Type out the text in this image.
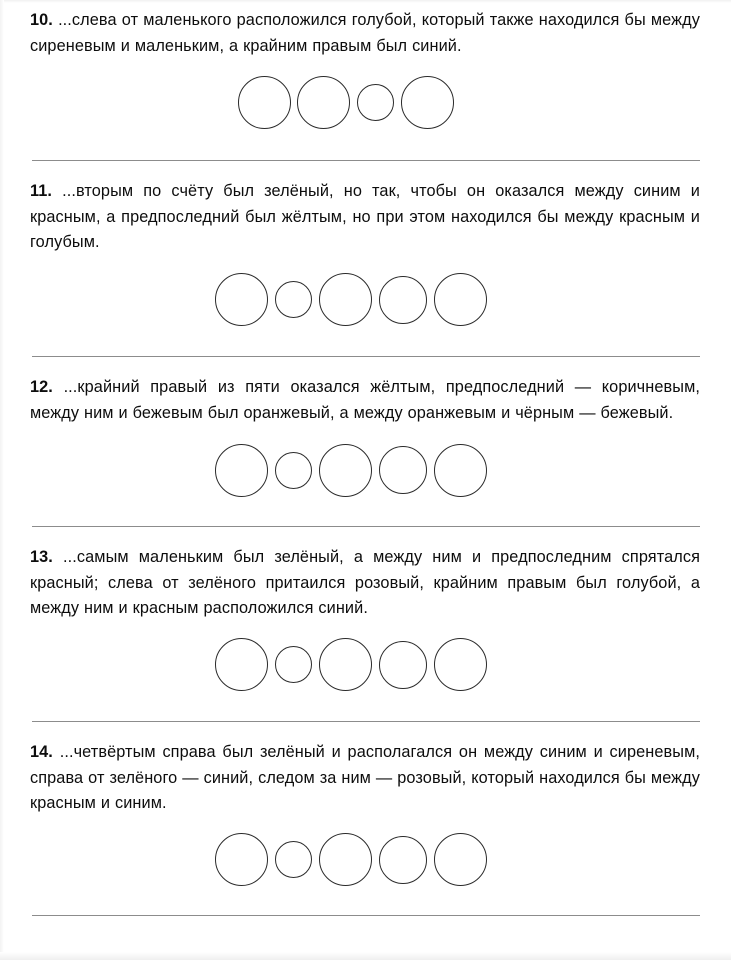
10. ...слева от маленького расположился голубой, который также находился бы между сиреневым и маленьким, а крайним правым был синий.

11. ...вторым по счёту был зелёный, но так, чтобы он оказался между синим и красным, а предпоследний был жёлтым, но при этом находился бы между красным и голубым.

12. ...крайний правый из пяти оказался жёлтым, предпоследний — коричневым, между ним и бежевым был оранжевый, а между оранжевым и чёрным — бежевый.

13. ...самым маленьким был зелёный, а между ним и предпоследним спрятался красный; слева от зелёного притаился розовый, крайним правым был голубой, а между ним и красным расположился синий.

14. ...четвёртым справа был зелёный и располагался он между синим и сиреневым, справа от зелёного — синий, следом за ним — розовый, который находился бы между красным и синим.
